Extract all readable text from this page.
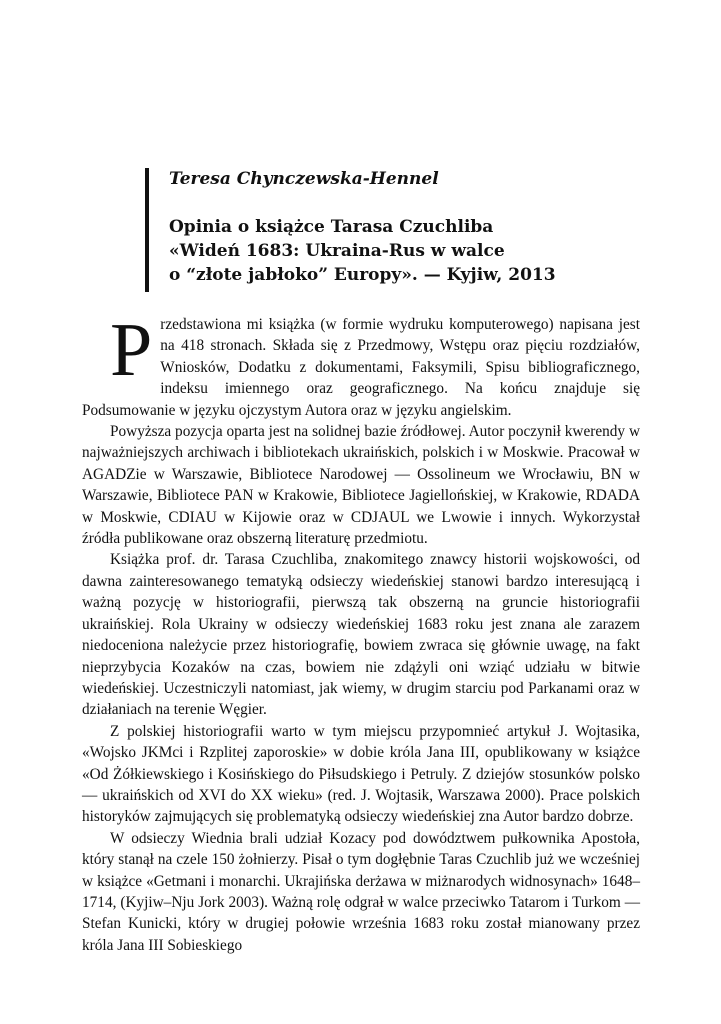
Teresa Chynczewska-Hennel

Opinia o książce Tarasa Czuchliba
«Wideń 1683: Ukraina-Rus w walce
o “złote jabłoko” Europy». — Kyjiw, 2013

Przedstawiona mi książka (w formie wydruku komputerowego) napisana jest na 418 stronach. Składa się z Przedmowy, Wstępu oraz pięciu rozdziałów, Wniosków, Dodatku z dokumentami, Faksymili, Spisu bibliograficznego, indeksu imiennego oraz geograficznego. Na końcu znajduje się Podsumowanie w języku ojczystym Autora oraz w języku angielskim.

Powyższa pozycja oparta jest na solidnej bazie źródłowej. Autor poczynił kwerendy w najważniejszych archiwach i bibliotekach ukraińskich, polskich i w Moskwie. Pracował w AGADZie w Warszawie, Bibliotece Narodowej — Ossolineum we Wrocławiu, BN w Warszawie, Bibliotece PAN w Krakowie, Bibliotece Jagiellońskiej, w Krakowie, RDADA w Moskwie, CDIAU w Kijowie oraz w CDJAUL we Lwowie i innych. Wykorzystał źródła publikowane oraz obszerną literaturę przedmiotu.

Książka prof. dr. Tarasa Czuchliba, znakomitego znawcy historii wojskowości, od dawna zainteresowanego tematyką odsieczy wiedeńskiej stanowi bardzo interesującą i ważną pozycję w historiografii, pierwszą tak obszerną na gruncie historiografii ukraińskiej. Rola Ukrainy w odsieczy wiedeńskiej 1683 roku jest znana ale zarazem niedoceniona należycie przez historiografię, bowiem zwraca się głównie uwagę, na fakt nieprzybycia Kozaków na czas, bowiem nie zdążyli oni wziąć udziału w bitwie wiedeńskiej. Uczestniczyli natomiast, jak wiemy, w drugim starciu pod Parkanami oraz w działaniach na terenie Węgier.

Z polskiej historiografii warto w tym miejscu przypomnieć artykuł J. Wojtasika, «Wojsko JKMci i Rzplitej zaporoskie» w dobie króla Jana III, opublikowany w książce «Od Żółkiewskiego i Kosińskiego do Piłsudskiego i Petruly. Z dziejów stosunków polsko — ukraińskich od XVI do XX wieku» (red. J. Wojtasik, Warszawa 2000). Prace polskich historyków zajmujących się problematyką odsieczy wiedeńskiej zna Autor bardzo dobrze.

W odsieczy Wiednia brali udział Kozacy pod dowództwem pułkownika Apostoła, który stanął na czele 150 żołnierzy. Pisał o tym dogłębnie Taras Czuchlib już we wcześniej w książce «Getmani i monarchi. Ukrajińska derżawa w miżnarodych widnosynach» 1648–1714, (Kyjiw–Nju Jork 2003). Ważną rolę odgrał w walce przeciwko Tatarom i Turkom — Stefan Kunicki, który w drugiej połowie września 1683 roku został mianowany przez króla Jana III Sobieskiego
